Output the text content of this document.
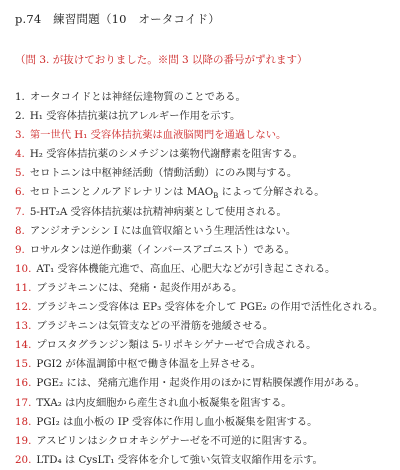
p.74　練習問題（10　オータコイド）
（問 3. が抜けておりました。※問 3 以降の番号がずれます）
1. オータコイドとは神経伝達物質のことである。
2. H₁ 受容体拮抗薬は抗アレルギー作用を示す。
3. 第一世代 H₁ 受容体拮抗薬は血液脳関門を通過しない。
4. H₂ 受容体拮抗薬のシメチジンは薬物代謝酵素を阻害する。
5. セロトニンは中枢神経活動（情動活動）にのみ関与する。
6. セロトニンとノルアドレナリンは $MAO_B$ によって分解される。
7. 5-HT₂A 受容体拮抗薬は抗精神病薬として使用される。
8. アンジオテンシン I には血管収縮という生理活性はない。
9. ロサルタンは逆作動薬（インバースアゴニスト）である。
10. AT₁ 受容体機能亢進で、高血圧、心肥大などが引き起こされる。
11. ブラジキニンには、発痛・起炎作用がある。
12. ブラジキニン受容体は EP₃ 受容体を介して PGE₂ の作用で活性化される。
13. ブラジキニンは気管支などの平滑筋を弛緩させる。
14. プロスタグランジン類は 5-リポキシゲナーゼで合成される。
15. PGI2 が体温調節中枢で働き体温を上昇させる。
16. PGE₂ には、発痛亢進作用・起炎作用のほかに胃粘膜保護作用がある。
17. TXA₂ は内皮細胞から産生され血小板凝集を阻害する。
18. PGI₂ は血小板の IP 受容体に作用し血小板凝集を阻害する。
19. アスピリンはシクロオキシゲナーゼを不可逆的に阻害する。
20. LTD₄ は CysLT₁ 受容体を介して強い気管支収縮作用を示す。
